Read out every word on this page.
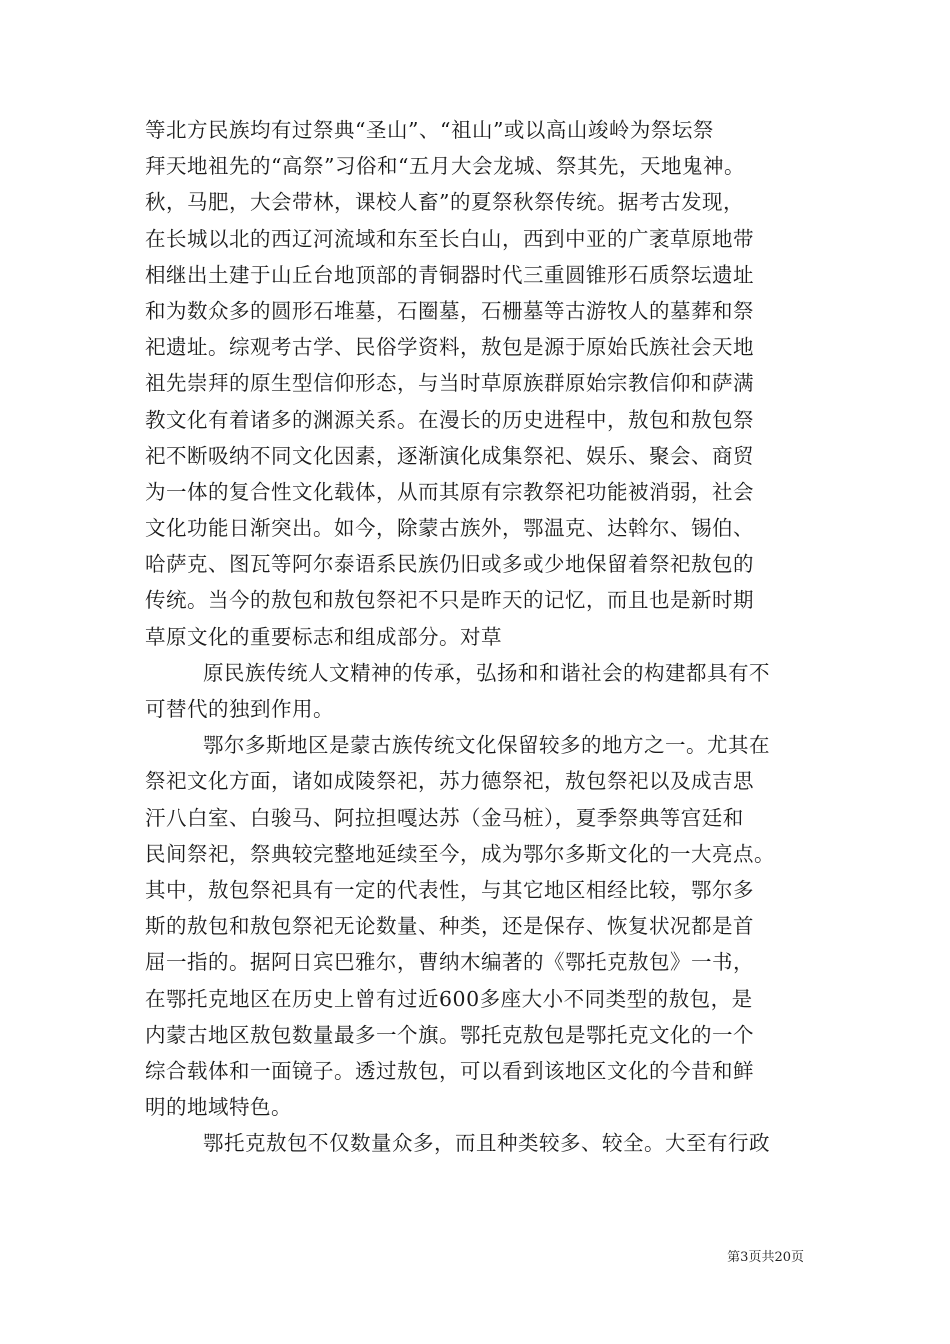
等北方民族均有过祭典“圣山”、“祖山”或以高山竣岭为祭坛祭
拜天地祖先的“高祭”习俗和“五月大会龙城、祭其先，天地鬼神。
秋，马肥，大会带林，课校人畜”的夏祭秋祭传统。据考古发现，
在长城以北的西辽河流域和东至长白山，西到中亚的广袤草原地带
相继出土建于山丘台地顶部的青铜器时代三重圆锥形石质祭坛遗址
和为数众多的圆形石堆墓，石圈墓，石栅墓等古游牧人的墓葬和祭
祀遗址。综观考古学、民俗学资料，敖包是源于原始氏族社会天地
祖先崇拜的原生型信仰形态，与当时草原族群原始宗教信仰和萨满
教文化有着诸多的渊源关系。在漫长的历史进程中，敖包和敖包祭
祀不断吸纳不同文化因素，逐渐演化成集祭祀、娱乐、聚会、商贸
为一体的复合性文化载体，从而其原有宗教祭祀功能被消弱，社会
文化功能日渐突出。如今，除蒙古族外，鄂温克、达斡尔、锡伯、
哈萨克、图瓦等阿尔泰语系民族仍旧或多或少地保留着祭祀敖包的
传统。当今的敖包和敖包祭祀不只是昨天的记忆，而且也是新时期
草原文化的重要标志和组成部分。对草
原民族传统人文精神的传承，弘扬和和谐社会的构建都具有不
可替代的独到作用。
鄂尔多斯地区是蒙古族传统文化保留较多的地方之一。尤其在
祭祀文化方面，诸如成陵祭祀，苏力德祭祀，敖包祭祀以及成吉思
汗八白室、白骏马、阿拉担嘎达苏（金马桩），夏季祭典等宫廷和
民间祭祀，祭典较完整地延续至今，成为鄂尔多斯文化的一大亮点。
其中，敖包祭祀具有一定的代表性，与其它地区相经比较，鄂尔多
斯的敖包和敖包祭祀无论数量、种类，还是保存、恢复状况都是首
屈一指的。据阿日宾巴雅尔，曹纳木编著的《鄂托克敖包》一书，
在鄂托克地区在历史上曾有过近600多座大小不同类型的敖包，是
内蒙古地区敖包数量最多一个旗。鄂托克敖包是鄂托克文化的一个
综合载体和一面镜子。透过敖包，可以看到该地区文化的今昔和鲜
明的地域特色。
鄂托克敖包不仅数量众多，而且种类较多、较全。大至有行政
第3页共20页
